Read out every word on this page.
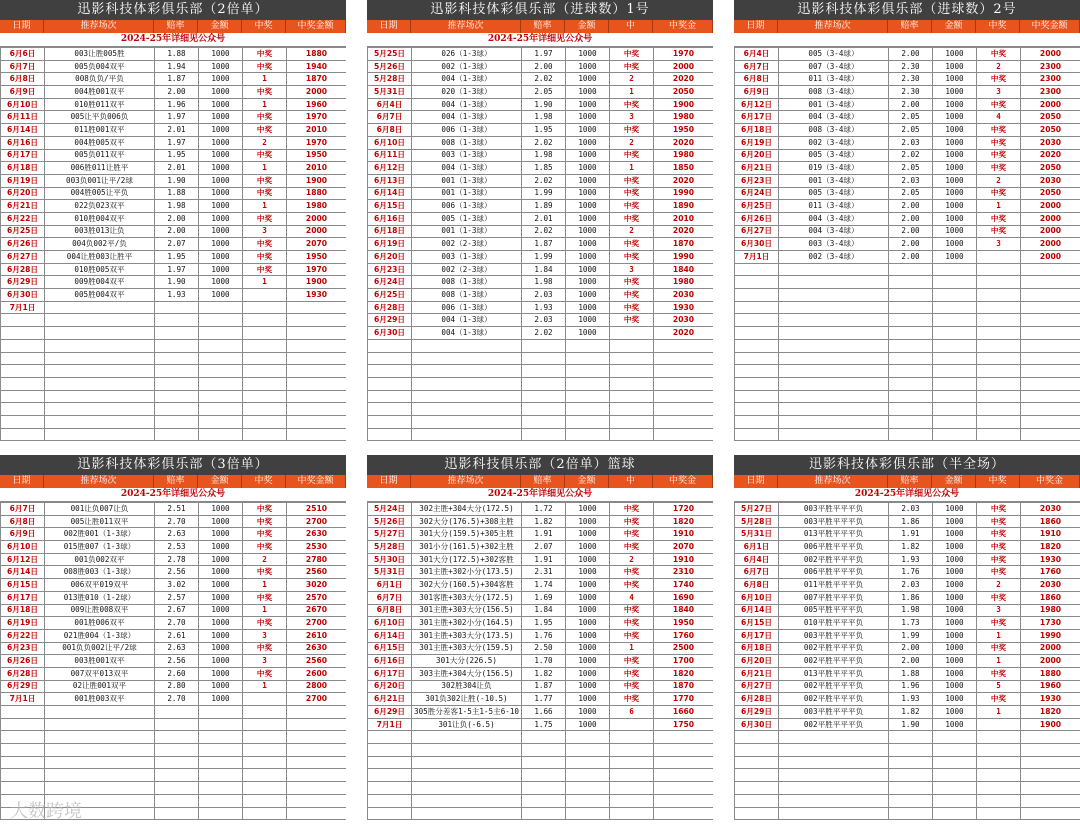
迅影科技体彩俱乐部（2倍单）
日期	推荐场次	赔率	金额	中奖	中奖金额
2024-25年详细见公众号
6月6日	003让胜005胜	1.88	1000	中奖	1880
6月7日	005负004双平	1.94	1000	中奖	1940
6月8日	008负负/平负	1.87	1000	1	1870
6月9日	004胜001双平	2.00	1000	中奖	2000
6月10日	010胜011双平	1.96	1000	1	1960
6月11日	005让平负006负	1.97	1000	中奖	1970
6月14日	011胜001双平	2.01	1000	中奖	2010
6月16日	004胜005双平	1.97	1000	2	1970
6月17日	005负011双平	1.95	1000	中奖	1950
6月18日	006胜011让胜平	2.01	1000	1	2010
6月19日	003负001让平/2球	1.90	1000	中奖	1900
6月20日	004胜005让平负	1.88	1000	中奖	1880
6月21日	022负023双平	1.98	1000	1	1980
6月22日	010胜004双平	2.00	1000	中奖	2000
6月25日	003胜013让负	2.00	1000	3	2000
6月26日	004负002平/负	2.07	1000	中奖	2070
6月27日	004让胜003让胜平	1.95	1000	中奖	1950
6月28日	010胜005双平	1.97	1000	中奖	1970
6月29日	009胜004双平	1.90	1000	1	1900
6月30日	005胜004双平	1.93	1000		1930
7月1日					

迅影科技体彩俱乐部（进球数）1号
日期	推荐场次	赔率	金额	中	中奖金
2024-25年详细见公众号
5月25日	026（1-3球）	1.97	1000	中奖	1970
5月26日	002（1-3球）	2.00	1000	中奖	2000
5月28日	004（1-3球）	2.02	1000	2	2020
5月31日	020（1-3球）	2.05	1000	1	2050
6月4日	004（1-3球）	1.90	1000	中奖	1900
6月7日	004（1-3球）	1.98	1000	3	1980
6月8日	006（1-3球）	1.95	1000	中奖	1950
6月10日	008（1-3球）	2.02	1000	2	2020
6月11日	003（1-3球）	1.98	1000	中奖	1980
6月12日	004（1-3球）	1.85	1000	1	1850
6月13日	001（1-3球）	2.02	1000	中奖	2020
6月14日	001（1-3球）	1.99	1000	中奖	1990
6月15日	006（1-3球）	1.89	1000	中奖	1890
6月16日	005（1-3球）	2.01	1000	中奖	2010
6月18日	001（1-3球）	2.02	1000	2	2020
6月19日	002（2-3球）	1.87	1000	中奖	1870
6月20日	003（1-3球）	1.99	1000	中奖	1990
6月23日	002（2-3球）	1.84	1000	3	1840
6月24日	008（1-3球）	1.98	1000	中奖	1980
6月25日	008（1-3球）	2.03	1000	中奖	2030
6月28日	006（1-3球）	1.93	1000	中奖	1930
6月29日	004（1-3球）	2.03	1000	中奖	2030
6月30日	004（1-3球）	2.02	1000		2020

迅影科技体彩俱乐部（进球数）2号
日期	推荐场次	赔率	金额	中奖	中奖金额
6月4日	005（3-4球）	2.00	1000	中奖	2000
6月7日	007（3-4球）	2.30	1000	2	2300
6月8日	011（3-4球）	2.30	1000	中奖	2300
6月9日	008（3-4球）	2.30	1000	3	2300
6月12日	001（3-4球）	2.00	1000	中奖	2000
6月17日	004（3-4球）	2.05	1000	4	2050
6月18日	008（3-4球）	2.05	1000	中奖	2050
6月19日	002（3-4球）	2.03	1000	中奖	2030
6月20日	005（3-4球）	2.02	1000	中奖	2020
6月21日	019（3-4球）	2.05	1000	中奖	2050
6月23日	001（3-4球）	2.03	1000	2	2030
6月24日	005（3-4球）	2.05	1000	中奖	2050
6月25日	011（3-4球）	2.00	1000	1	2000
6月26日	004（3-4球）	2.00	1000	中奖	2000
6月27日	004（3-4球）	2.00	1000	中奖	2000
6月30日	003（3-4球）	2.00	1000	3	2000
7月1日	002（3-4球）	2.00	1000		2000

迅影科技体彩俱乐部（3倍单）
日期	推荐场次	赔率	金额	中奖	中奖金额
2024-25年详细见公众号
6月7日	001让负007让负	2.51	1000	中奖	2510
6月8日	005让胜011双平	2.70	1000	中奖	2700
6月9日	002胜001（1-3球）	2.63	1000	中奖	2630
6月10日	015胜007（1-3球）	2.53	1000	中奖	2530
6月12日	001负002双平	2.78	1000	2	2780
6月14日	008胜003（1-3球）	2.56	1000	中奖	2560
6月15日	006双平019双平	3.02	1000	1	3020
6月17日	013胜010（1-2球）	2.57	1000	中奖	2570
6月18日	009让胜008双平	2.67	1000	1	2670
6月19日	001胜006双平	2.70	1000	中奖	2700
6月22日	021胜004（1-3球）	2.61	1000	3	2610
6月23日	001负负002让平/2球	2.63	1000	中奖	2630
6月26日	003胜001双平	2.56	1000	3	2560
6月28日	007双平013双平	2.60	1000	中奖	2600
6月29日	02让胜001双平	2.80	1000	1	2800
7月1日	001胜003双平	2.70	1000		2700

迅影科技俱乐部（2倍单）篮球
日期	推荐场次	赔率	金额	中	中奖金
2024-25年详细见公众号
5月24日	302主胜+304大分(172.5)	1.72	1000	中奖	1720
5月26日	302大分(176.5)+308主胜	1.82	1000	中奖	1820
5月27日	301大分(159.5)+305主胜	1.91	1000	中奖	1910
5月28日	301小分(161.5)+302主胜	2.07	1000	中奖	2070
5月30日	301大分(172.5)+302客胜	1.91	1000	2	1910
5月31日	301主胜+302小分(173.5)	2.31	1000	中奖	2310
6月1日	302大分(160.5)+304客胜	1.74	1000	中奖	1740
6月7日	301客胜+303大分(172.5)	1.69	1000	4	1690
6月8日	301主胜+303大分(156.5)	1.84	1000	中奖	1840
6月10日	301主胜+302小分(164.5)	1.95	1000	中奖	1950
6月14日	301主胜+303大分(173.5)	1.76	1000	中奖	1760
6月15日	301主胜+303大分(159.5)	2.50	1000	1	2500
6月16日	301大分(226.5)	1.70	1000	中奖	1700
6月17日	303主胜+304大分(156.5)	1.82	1000	中奖	1820
6月20日	302胜304让负	1.87	1000	中奖	1870
6月21日	301负302让胜(-10.5)	1.77	1000	中奖	1770
6月29日	305胜分差客1-5主1-5主6-10	1.66	1000	6	1660
7月1日	301让负(-6.5)	1.75	1000		1750

迅影科技体彩俱乐部（半全场）
日期	推荐场次	赔率	金额	中奖	中奖金
2024-25年详细见公众号
5月27日	003平胜平平平负	2.03	1000	中奖	2030
5月28日	003平胜平平平负	1.86	1000	中奖	1860
5月31日	013平胜平平平负	1.91	1000	中奖	1910
6月1日	006平胜平平平负	1.82	1000	中奖	1820
6月4日	002平胜平平平负	1.93	1000	中奖	1930
6月7日	006平胜平平平负	1.76	1000	中奖	1760
6月8日	011平胜平平平负	2.03	1000	2	2030
6月10日	007平胜平平平负	1.86	1000	中奖	1860
6月14日	005平胜平平平负	1.98	1000	3	1980
6月15日	010平胜平平平负	1.73	1000	中奖	1730
6月17日	003平胜平平平负	1.99	1000	1	1990
6月18日	002平胜平平平负	2.00	1000	中奖	2000
6月20日	002平胜平平平负	2.00	1000	1	2000
6月21日	013平胜平平平负	1.88	1000	中奖	1880
6月27日	002平胜平平平负	1.96	1000	5	1960
6月28日	002平胜平平平负	1.93	1000	中奖	1930
6月29日	003平胜平平平负	1.82	1000	1	1820
6月30日	002平胜平平平负	1.90	1000		1900

大数跨境
